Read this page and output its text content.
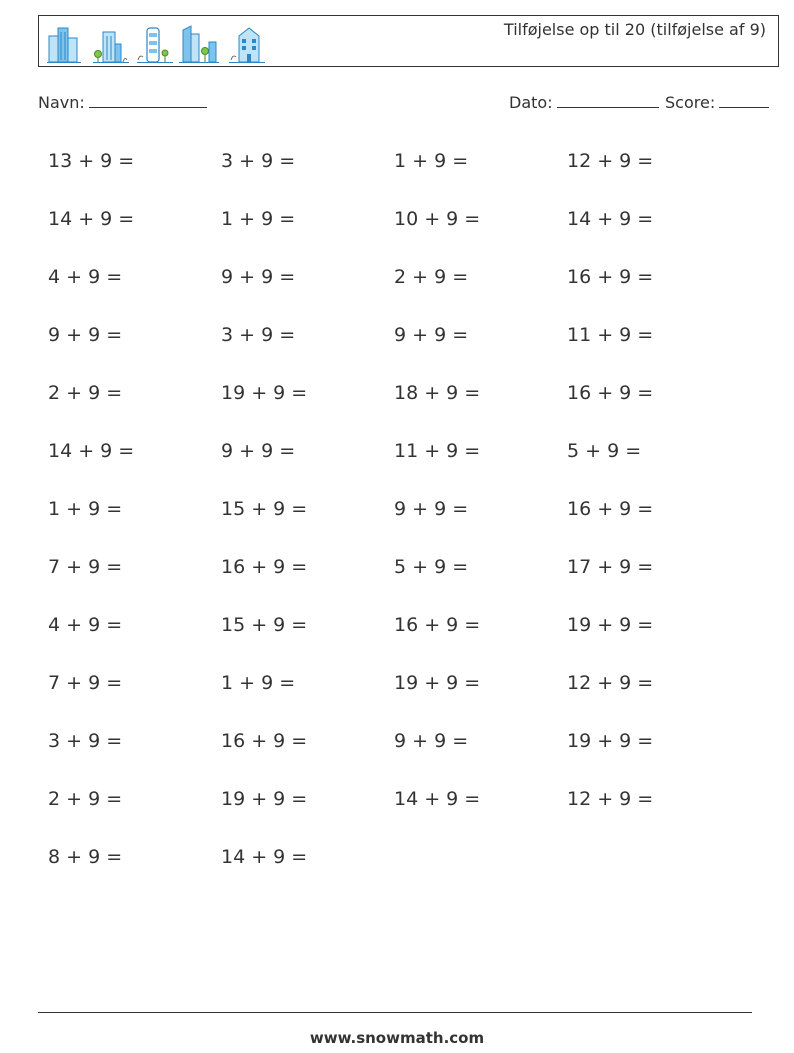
Tilføjelse op til 20 (tilføjelse af 9)
Navn:	Dato:	Score:
13 + 9 =
14 + 9 =
4 + 9 =
9 + 9 =
2 + 9 =
14 + 9 =
1 + 9 =
7 + 9 =
4 + 9 =
7 + 9 =
3 + 9 =
2 + 9 =
8 + 9 =
3 + 9 =
1 + 9 =
9 + 9 =
3 + 9 =
19 + 9 =
9 + 9 =
15 + 9 =
16 + 9 =
15 + 9 =
1 + 9 =
16 + 9 =
19 + 9 =
14 + 9 =
1 + 9 =
10 + 9 =
2 + 9 =
9 + 9 =
18 + 9 =
11 + 9 =
9 + 9 =
5 + 9 =
16 + 9 =
19 + 9 =
9 + 9 =
14 + 9 =
12 + 9 =
14 + 9 =
16 + 9 =
11 + 9 =
16 + 9 =
5 + 9 =
16 + 9 =
17 + 9 =
19 + 9 =
12 + 9 =
19 + 9 =
12 + 9 =
www.snowmath.com
